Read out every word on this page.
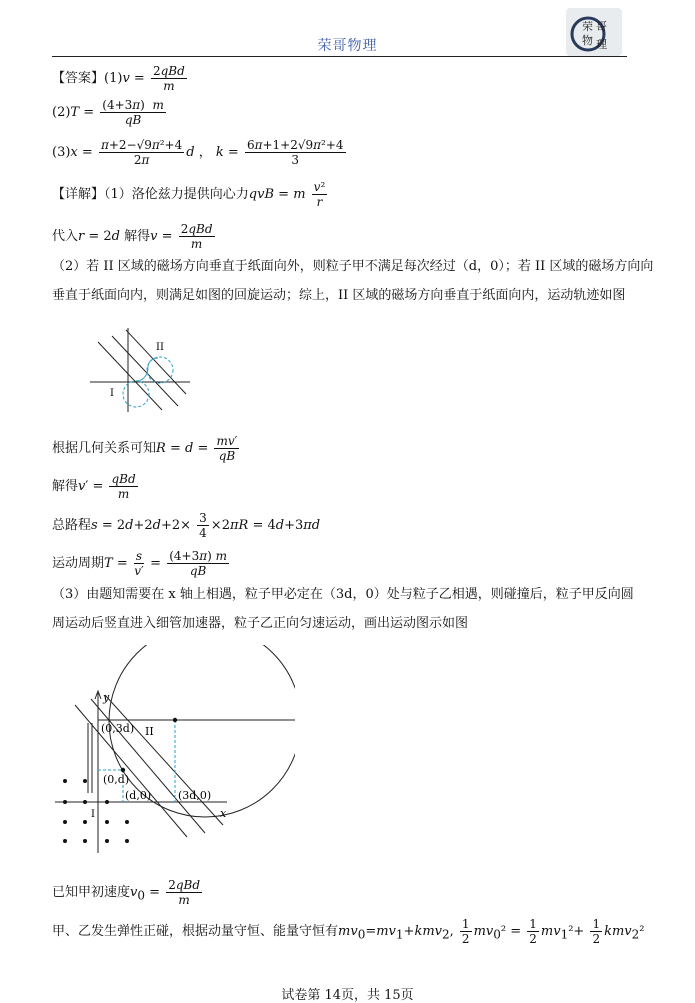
荣哥物理
荣 哥
物 理
【答案】$(1)v = \frac{\text{2qBd}}{m}$
$(2)T = \frac{(4+3\pi) m}{qB}$
$(3)x = \frac{\text{π+2−√9π²+4}}{2\pi}$ d ， $k = \frac{\text{6π+1+2√9π²+4}}{3}$
【详解】（1）洛伦兹力提供向心力qvB = m $\frac{\text{v²}}{r}$
代入r = 2d 解得$v = \frac{\text{2qBd}}{m}$
（2）若 II 区域的磁场方向垂直于纸面向外，则粒子甲不满足每次经过（d，0）；若 II 区域的磁场方向向
垂直于纸面向内，则满足如图的回旋运动；综上，II 区域的磁场方向垂直于纸面向内，运动轨迹如图
II
I
根据几何关系可知$R = d = \frac{mv'}{qB}$
解得$v' = \frac{\text{qBd}}{m}$
总路程$s = 2d+2d+2\times \frac{3}{4} \times 2\pi R = 4d+3\pi d$
运动周期$T = \frac{s}{v'} = \frac{(4+3\pi) m}{qB}$
（3）由题知需要在 x 轴上相遇，粒子甲必定在（3d，0）处与粒子乙相遇，则碰撞后，粒子甲反向圆
周运动后竖直进入细管加速器，粒子乙正向匀速运动，画出运动图示如图
y
x
(0,3d) II
(0,d)
(d,0) (3d,0)
I
已知甲初速度$v_0 = \frac{\text{2qBd}}{m}$
甲、乙发生弹性正碰，根据动量守恒、能量守恒有$mv_0=mv_1+kmv_2$, $\frac{1}{2} mv_0^2 = \frac{1}{2} mv_1^2+ \frac{1}{2} kmv_2^2$
试卷第 14页，共 15页
